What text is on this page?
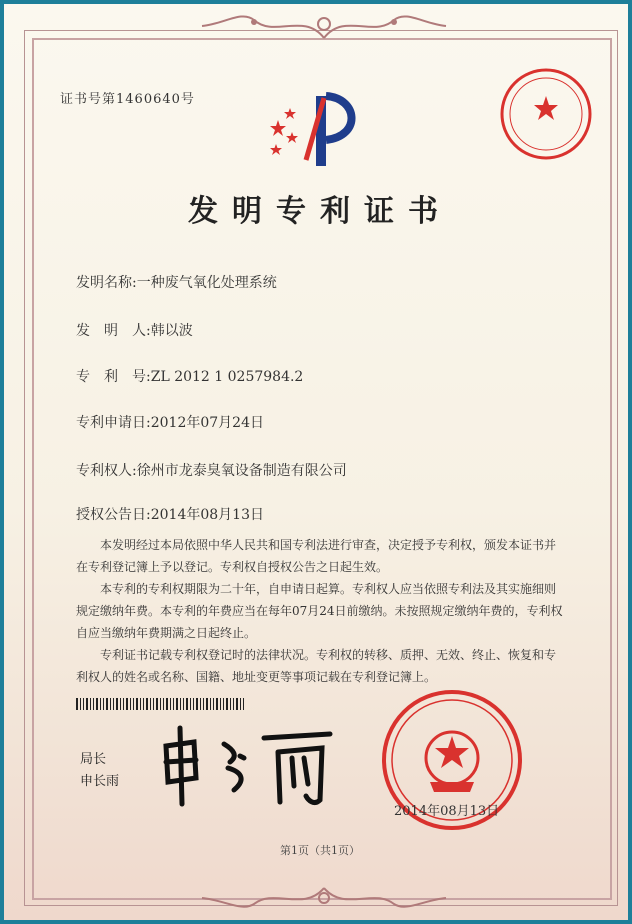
证书号第1460640号
发明专利证书
发明名称:一种废气氧化处理系统
发　明　人:韩以波
专　利　号:ZL 2012 1 0257984.2
专利申请日:2012年07月24日
专利权人:徐州市龙泰臭氧设备制造有限公司
授权公告日:2014年08月13日

本发明经过本局依照中华人民共和国专利法进行审查，决定授予专利权，颁发本证书并在专利登记簿上予以登记。专利权自授权公告之日起生效。

本专利的专利权期限为二十年，自申请日起算。专利权人应当依照专利法及其实施细则规定缴纳年费。本专利的年费应当在每年07月24日前缴纳。未按照规定缴纳年费的，专利权自应当缴纳年费期满之日起终止。

专利证书记载专利权登记时的法律状况。专利权的转移、质押、无效、终止、恢复和专利权人的姓名或名称、国籍、地址变更等事项记载在专利登记簿上。

局长
申长雨
2014年08月13日
第1页（共1页）
